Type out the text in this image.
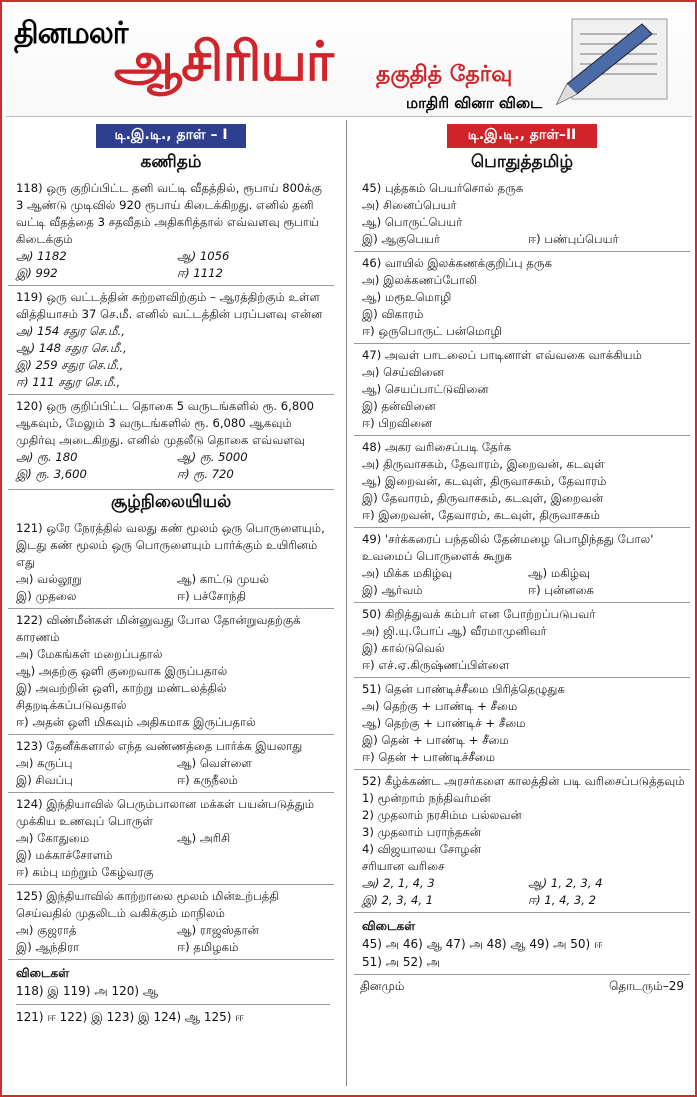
தினமலர்
ஆசிரியர் தகுதித் தேர்வு
மாதிரி வினா விடை
டி.இ.டி., தாள் – I
கணிதம்

118) ஒரு குறிப்பிட்ட தனி வட்டி வீதத்தில், ரூபாய் 800க்கு 3 ஆண்டு முடிவில் 920 ரூபாய் கிடைக்கிறது. எனில் தனி வட்டி வீதத்தை 3 சதவீதம் அதிகரித்தால் எவ்வளவு ரூபாய் கிடைக்கும்

அ) 1182	ஆ) 1056
இ) 992	ஈ) 1112

119) ஒரு வட்டத்தின் சுற்றளவிற்கும் – ஆரத்திற்கும் உள்ள வித்தியாசம் 37 செ.மீ. எனில் வட்டத்தின் பரப்பளவு என்ன

அ) 154 சதுர செ.மீ.,
ஆ) 148 சதுர செ.மீ.,
இ) 259 சதுர செ.மீ.,
ஈ) 111 சதுர செ.மீ.,

120) ஒரு குறிப்பிட்ட தொகை 5 வருடங்களில் ரூ. 6,800 ஆகவும், மேலும் 3 வருடங்களில் ரூ. 6,080 ஆகவும் முதிர்வு அடைகிறது. எனில் முதலீடு தொகை எவ்வளவு

அ) ரூ. 180	ஆ) ரூ. 5000
இ) ரூ. 3,600	ஈ) ரூ. 720
சூழ்நிலையியல்

121) ஒரே நேரத்தில் வலது கண் மூலம் ஒரு பொருளையும், இடது கண் மூலம் ஒரு பொருளையும் பார்க்கும் உயிரினம் எது

அ) வல்லூறு	ஆ) காட்டு முயல்
இ) முதலை	ஈ) பச்சோந்தி

122) விண்மீன்கள் மின்னுவது போல தோன்றுவதற்குக் காரணம்

அ) மேகங்கள் மறைப்பதால்
ஆ) அதற்கு ஒளி குறைவாக இருப்பதால்
இ) அவற்றின் ஒளி, காற்று மண்டலத்தில் சிதறடிக்கப்படுவதால்
ஈ) அதன் ஒளி மிகவும் அதிகமாக இருப்பதால்

123) தேனீக்களால் எந்த வண்ணத்தை பார்க்க இயலாது

அ) கருப்பு	ஆ) வெள்ளை
இ) சிவப்பு	ஈ) கருநீலம்

124) இந்தியாவில் பெரும்பாலான மக்கள் பயன்படுத்தும் முக்கிய உணவுப் பொருள்

அ) கோதுமை	ஆ) அரிசி
இ) மக்காச்சோளம்
ஈ) கம்பு மற்றும் கேழ்வரகு

125) இந்தியாவில் காற்றாலை மூலம் மின்உற்பத்தி செய்வதில் முதலிடம் வகிக்கும் மாநிலம்

அ) குஜராத்	ஆ) ராஜஸ்தான்
இ) ஆந்திரா	ஈ) தமிழகம்
விடைகள்
118) இ 119) அ 120) ஆ
121) ஈ 122) இ 123) இ 124) ஆ 125) ஈ
டி.இ.டி., தாள்–II
பொதுத்தமிழ்

45) புத்தகம் பெயர்சொல் தருக

அ) சினைப்பெயர்
ஆ) பொருட்பெயர்
இ) ஆகுபெயர்	ஈ) பண்புப்பெயர்

46) வாயில் இலக்கணக்குறிப்பு தருக

அ) இலக்கணப்போலி
ஆ) மரூஉமொழி
இ) விகாரம்
ஈ) ஒருபொருட் பன்மொழி

47) அவள் பாடலைப் பாடினாள் எவ்வகை வாக்கியம்

அ) செய்வினை
ஆ) செயப்பாட்டுவினை
இ) தன்வினை
ஈ) பிறவினை

48) அகர வரிசைப்படி தேர்க

அ) திருவாசகம், தேவாரம், இறைவன், கடவுள்
ஆ) இறைவன், கடவுள், திருவாசகம், தேவாரம்
இ) தேவாரம், திருவாசகம், கடவுள், இறைவன்
ஈ) இறைவன், தேவாரம், கடவுள், திருவாசகம்

49) 'சர்க்கரைப் பந்தலில் தேன்மழை பொழிந்தது போல' உவமைப் பொருளைக் கூறுக

அ) மிக்க மகிழ்வு	ஆ) மகிழ்வு
இ) ஆர்வம்	ஈ) புன்னகை

50) கிறித்துவக் கம்பர் என போற்றப்படுபவர்

அ) ஜி.யு.போப் ஆ) வீரமாமுனிவர்
இ) கால்டுவெல்
ஈ) எச்.ஏ.கிருஷ்ணப்பிள்ளை

51) தென் பாண்டிச்சீமை பிரித்தெழுதுக

அ) தெற்கு + பாண்டி + சீமை
ஆ) தெற்கு + பாண்டிச் + சீமை
இ) தென் + பாண்டி + சீமை
ஈ) தென் + பாண்டிச்சீமை

52) கீழ்க்கண்ட அரசர்களை காலத்தின் படி வரிசைப்படுத்தவும்

1) மூன்றாம் நந்திவர்மன்
2) முதலாம் நரசிம்ம பல்லவன்
3) முதலாம் பராந்தகன்
4) விஜயாலய சோழன்
சரியான வரிசை
அ) 2, 1, 4, 3	ஆ) 1, 2, 3, 4
இ) 2, 3, 4, 1	ஈ) 1, 4, 3, 2
விடைகள்
45) அ 46) ஆ 47) அ 48) ஆ 49) அ 50) ஈ
51) அ 52) அ
தினமும்	தொடரும்–29
